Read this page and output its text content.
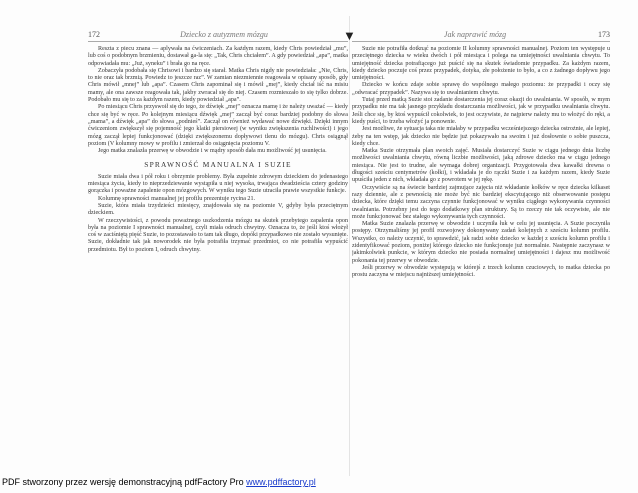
▼
172	Dziecko z autyzmem mózgu

Reszta z piecu znana — aplywała na ćwiczeniach. Za każdym razem, kiedy Chris powiedział „mu”, lub coś o podobnym brzmieniu, dostawał ga-la się: „Tak, Chris chciałem”. A gdy powiedział „apa”, matka odpowiadała mu: „Już, syneku” i brała go na ręce.

Zobaczyła podobała się Chrisowi i bardzo się starał. Matka Chris nigdy nie powiedziała: „Nie, Chris, to nie oraz tak brzmią. Powiedz to jeszcze raz”. W zamian niezmiennie reagowała w opisany sposób, gdy Chris mówił „mnej” lub „apa”. Czasem Chris zapominał się i mówił „mej”, kiedy chciał iść na misiu mamy, ale ona zawsze reagowała tak, jakby zwracał się do niej. Czasem rozmieszało to się tylko dobrze. Podobało mu się to za każdym razem, kiedy powiedział „apa”.

Po miesiącu Chris przyswoił się do tego, że dźwięk „mej” oznacza mamę i że należy uważać — kiedy chce się być w ręce. Po kolejnym miesiącu dźwięk „mej” zaczął być coraz bardziej podobny do słowa „mama”, a dźwięk „apa” do słowa „podnieś”. Zaczął on również wydawać nowe dźwięki. Dzięki innym ćwiczeniom zwiększył się pojemność jego klatki piersiowej (w wyniku zwiększenia ruchliwości) i jego mózg zaczął lepiej funkcjonować (dzięki zwiększonemu dopływowi tlenu do mózgu). Chris osiągnął poziom (V kolumny mowy w profilu i zmierzał do osiągnięcia poziomu V.

Jego matka znalazła przerwę w obwodzie i w mądry sposób dała mu możliwość jej usunięcia.

SPRAWNOŚĆ MANUALNA I SUZIE

Suzie miała dwa i pół roku i obrzymie problemy. Była zupełnie zdrowym dzieckiem do jedenastego miesiąca życia, kiedy to nieprzedziewanie wystąpiła u niej wysoka, trwająca dwadzieścia cztery godziny gorączka i poważne zapalenie opon mózgowych. W wyniku tego Suzie utraciła prawie wszystkie funkcje.

Kolumnę sprawności manualnej jej profilu prezentuje rycina 21.

Suzie, która miała trzydzieści miesięcy, znajdowała się na poziomie V, gdyby była przeciętnym dzieckiem.

W rzeczywistości, z powodu poważnego uszkodzenia mózgu na skutek przebytego zapalenia opon była na poziomie I sprawności manualnej, czyli miała odruch chwytny. Oznacza to, że jeśli ktoś włożył coś w zaciśniętą pięść Suzie, to pozostawało to tam tak długo, dopóki przypadkowo nie zostało wysunięte. Suzie, dokładnie tak jak noworodek nie była potrafiła trzymać przedmiot, co nie potrafiła wypuścić przedmiotu. Był to poziom I, odruch chwytny.

Jak naprawić mózg	173

Suzie nie potrafiła dotknąć na poziomie II kolumny sprawności manualnej. Poziom ten występuje u przeciętnego dziecka w wieku dwóch i pół miesiąca i polega na umiejętności uwalniania chwytu. To umiejętność dziecka potrafiącego już puścić się na skutek świadomie przypadku. Za każdym razem, kiedy dziecko poczuje coś przez przypadek, dotyka, złe położenie to było, a co z żadnego dopływu jego umiejętności.

Dziecko w końcu zdaje sobie sprawę do wspólnego małego poziomu: że przypadki i oczy się „odwracać przypadek”. Nazywa się to uwalnianiem chwytu.

Tutaj przed matką Suzie stoi zadanie dostarczenia jej coraz okazji do uwalniania. W sposób, w mym przypadku nie ma tak jasnego przykładu dostarczania możliwości, jak w przypadku uwalniania chwytu. Jeśli chce się, by ktoś wypuścił cokolwiek, to jest oczywiste, że najpierw należy mu to włożyć do ręki, a kiedy puści, to trzeba włożyć ja ponownie.

Jest możliwe, że sytuacja taka nie miałaby w przypadku wcześniejszego dziecka ostrożnie, ale lepiej, żeby na ten wstęp, jak dziecko nie będzie już pokazywało na swoim i już dosłownie o sobie puszcza, kiedy chce.

Matka Suzie otrzymała plan swoich zajęć. Musiała dostarczyć Suzie w ciągu jednego dnia liczbę możliwości uwalniania chwytu, równą liczbie możliwości, jaką zdrowe dziecko ma w ciągu jednego miesiąca. Nie jest to trudne, ale wymaga dobrej organizacji. Przygotowała dwa kawałki drewna o długości sześciu centymetrów (kołki), i wkładała je do rączki Suzie i za każdym razem, kiedy Suzie upuściła jeden z nich, wkładała go z powrotem w jej rękę.

Oczywiście są na świecie bardziej zajmujące zajęcia niż wkładanie kołków w ręce dziecka kilkaset razy dziennie, ale z pewnością nie może być nic bardziej ekscytującego niż obserwowanie postępu dziecka, które dzięki temu zaczyna czynnie funkcjonować w wyniku ciągłego wykonywania czynności uwalniania. Potrzebny jest do tego dodatkowy plan struktury. Są to rzeczy nie tak oczywiste, ale nie może funkcjonować bez stałego wykonywania tych czynności.

Matka Suzie znalazła przerwę w obwodzie i uczyniła łuk w celu jej usunięcia. A Suzie poczyniła postępy. Otrzymaliśmy jej profil rozwojowy dokonywany zadań kolejnych z sześciu kolumn profilu. Wszystko, co należy uczynić, to sprawdzić, jak radzi sobie dziecko w każdej z sześciu kolumn profilu i zidentyfikować poziom, poniżej którego dziecko nie funkcjonuje już normalnie. Następnie zaczynasz w jakimkolwiek punkcie, w którym dziecko nie posiada normalnej umiejętności i dajesz mu możliwość pokonania tej przerwy w obwodzie.

Jeśli przerwy w obwodzie występują w którejś z trzech kolumn czuciowych, to matka dziecka po prostu zaczyna w miejscu najniższej umiejętności.

PDF stworzony przez wersję demonstracyjną pdfFactory Pro www.pdffactory.pl
